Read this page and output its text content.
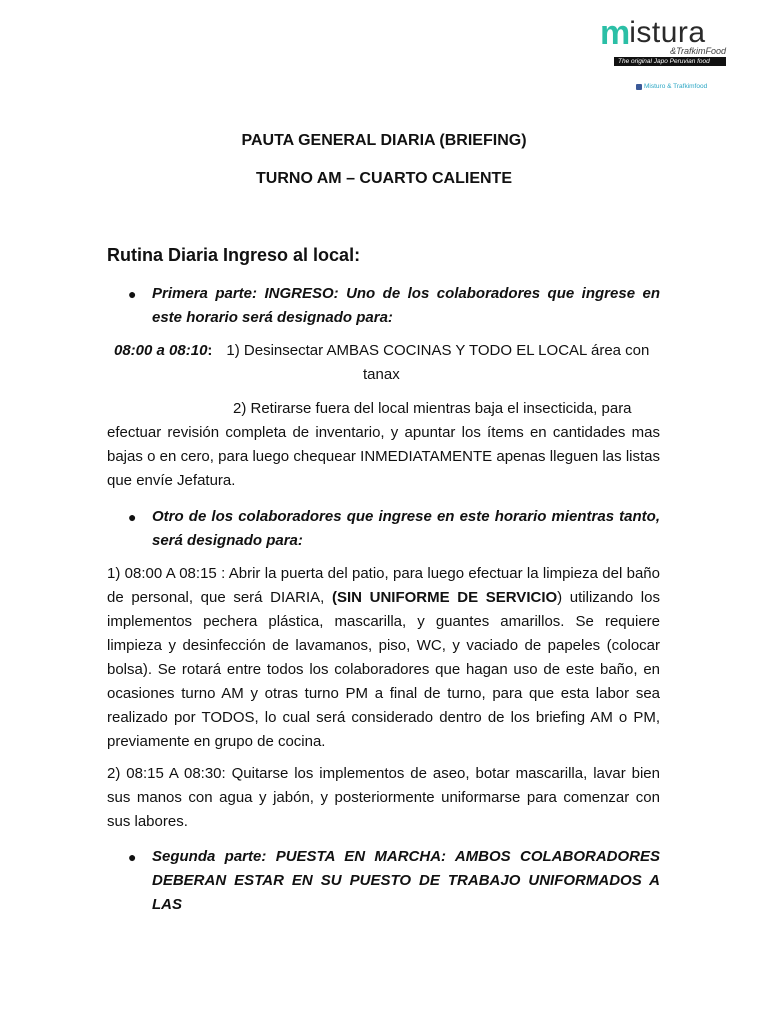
m istura
&TrafkimFood
The original Japo Peruvian food
Misturo & Trafkimfood
PAUTA GENERAL DIARIA (BRIEFING)
TURNO AM – CUARTO CALIENTE
Rutina Diaria Ingreso al local:
●	Primera parte: INGRESO: Uno de los colaboradores que ingrese en este horario será designado para:
08:00 a 08:10: 1) Desinsectar AMBAS COCINAS Y TODO EL LOCAL área con
tanax
2) Retirarse fuera del local mientras baja el insecticida, para
efectuar revisión completa de inventario, y apuntar los ítems en cantidades mas bajas o en cero, para luego chequear INMEDIATAMENTE apenas lleguen las listas que envíe Jefatura.
●	Otro de los colaboradores que ingrese en este horario mientras tanto, será designado para:
1) 08:00 A 08:15 : Abrir la puerta del patio, para luego efectuar la limpieza del baño de personal, que será DIARIA, (SIN UNIFORME DE SERVICIO) utilizando los implementos pechera plástica, mascarilla, y guantes amarillos. Se requiere limpieza y desinfección de lavamanos, piso, WC, y vaciado de papeles (colocar bolsa). Se rotará entre todos los colaboradores que hagan uso de este baño, en ocasiones turno AM y otras turno PM a final de turno, para que esta labor sea realizado por TODOS, lo cual será considerado dentro de los briefing AM o PM, previamente en grupo de cocina.
2) 08:15 A 08:30: Quitarse los implementos de aseo, botar mascarilla, lavar bien sus manos con agua y jabón, y posteriormente uniformarse para comenzar con sus labores.
●	Segunda parte: PUESTA EN MARCHA: AMBOS COLABORADORES DEBERAN ESTAR EN SU PUESTO DE TRABAJO UNIFORMADOS A LAS
